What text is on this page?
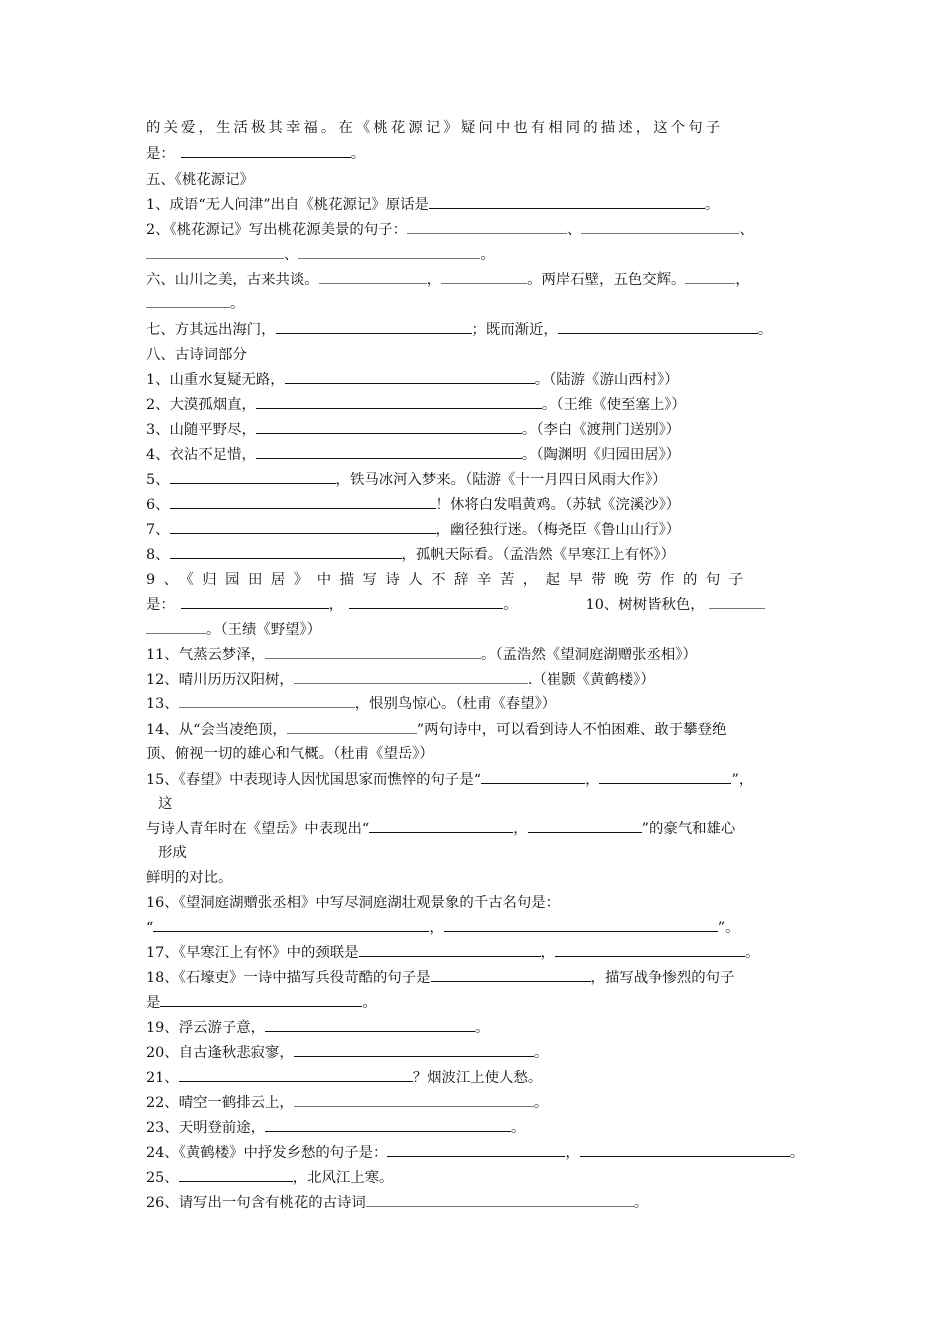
的关爱，生活极其幸福。在《桃花源记》疑问中也有相同的描述，这个句子
是：	。
五、《桃花源记》
1、成语“无人问津”出自《桃花源记》原话是	。
2、《桃花源记》写出桃花源美景的句子：	、	、
、	。
六、山川之美，古来共谈。	，	。两岸石壁，五色交辉。	，
。
七、方其远出海门，	；既而渐近，	。
八、古诗词部分
1、山重水复疑无路，	。（陆游《游山西村》）
2、大漠孤烟直，	。（王维《使至塞上》）
3、山随平野尽，	。（李白《渡荆门送别》）
4、衣沾不足惜，	。（陶渊明《归园田居》）
5、	，铁马冰河入梦来。（陆游《十一月四日风雨大作》）
6、	！休将白发唱黄鸡。（苏轼《浣溪沙》）
7、	，幽径独行迷。（梅尧臣《鲁山山行》）
8、	，孤帆天际看。（孟浩然《早寒江上有怀》）
9、《归园田居》中描写诗人不辞辛苦，起早带晚劳作的句子
是：	，	。	10、树树皆秋色，
。（王绩《野望》）
11、气蒸云梦泽，	。（孟浩然《望洞庭湖赠张丞相》）
12、晴川历历汉阳树，	.（崔颢《黄鹤楼》）
13、	，恨别鸟惊心。（杜甫《春望》）
14、从“会当凌绝顶，	”两句诗中，可以看到诗人不怕困难、敢于攀登绝
顶、俯视一切的雄心和气概。（杜甫《望岳》）
15、《春望》中表现诗人因忧国思家而憔悴的句子是“	，	”，
这
与诗人青年时在《望岳》中表现出“	，	”的豪气和雄心
形成
鲜明的对比。
16、《望洞庭湖赠张丞相》中写尽洞庭湖壮观景象的千古名句是：
“	，	”。
17、《早寒江上有怀》中的颈联是	，	。
18、《石壕吏》一诗中描写兵役苛酷的句子是	，描写战争惨烈的句子
是	。
19、浮云游子意，	。
20、自古逢秋悲寂寥，	。
21、	？烟波江上使人愁。
22、晴空一鹤排云上，	。
23、天明登前途，	。
24、《黄鹤楼》中抒发乡愁的句子是：	，	。
25、	，北风江上寒。
26、请写出一句含有桃花的古诗词	。
